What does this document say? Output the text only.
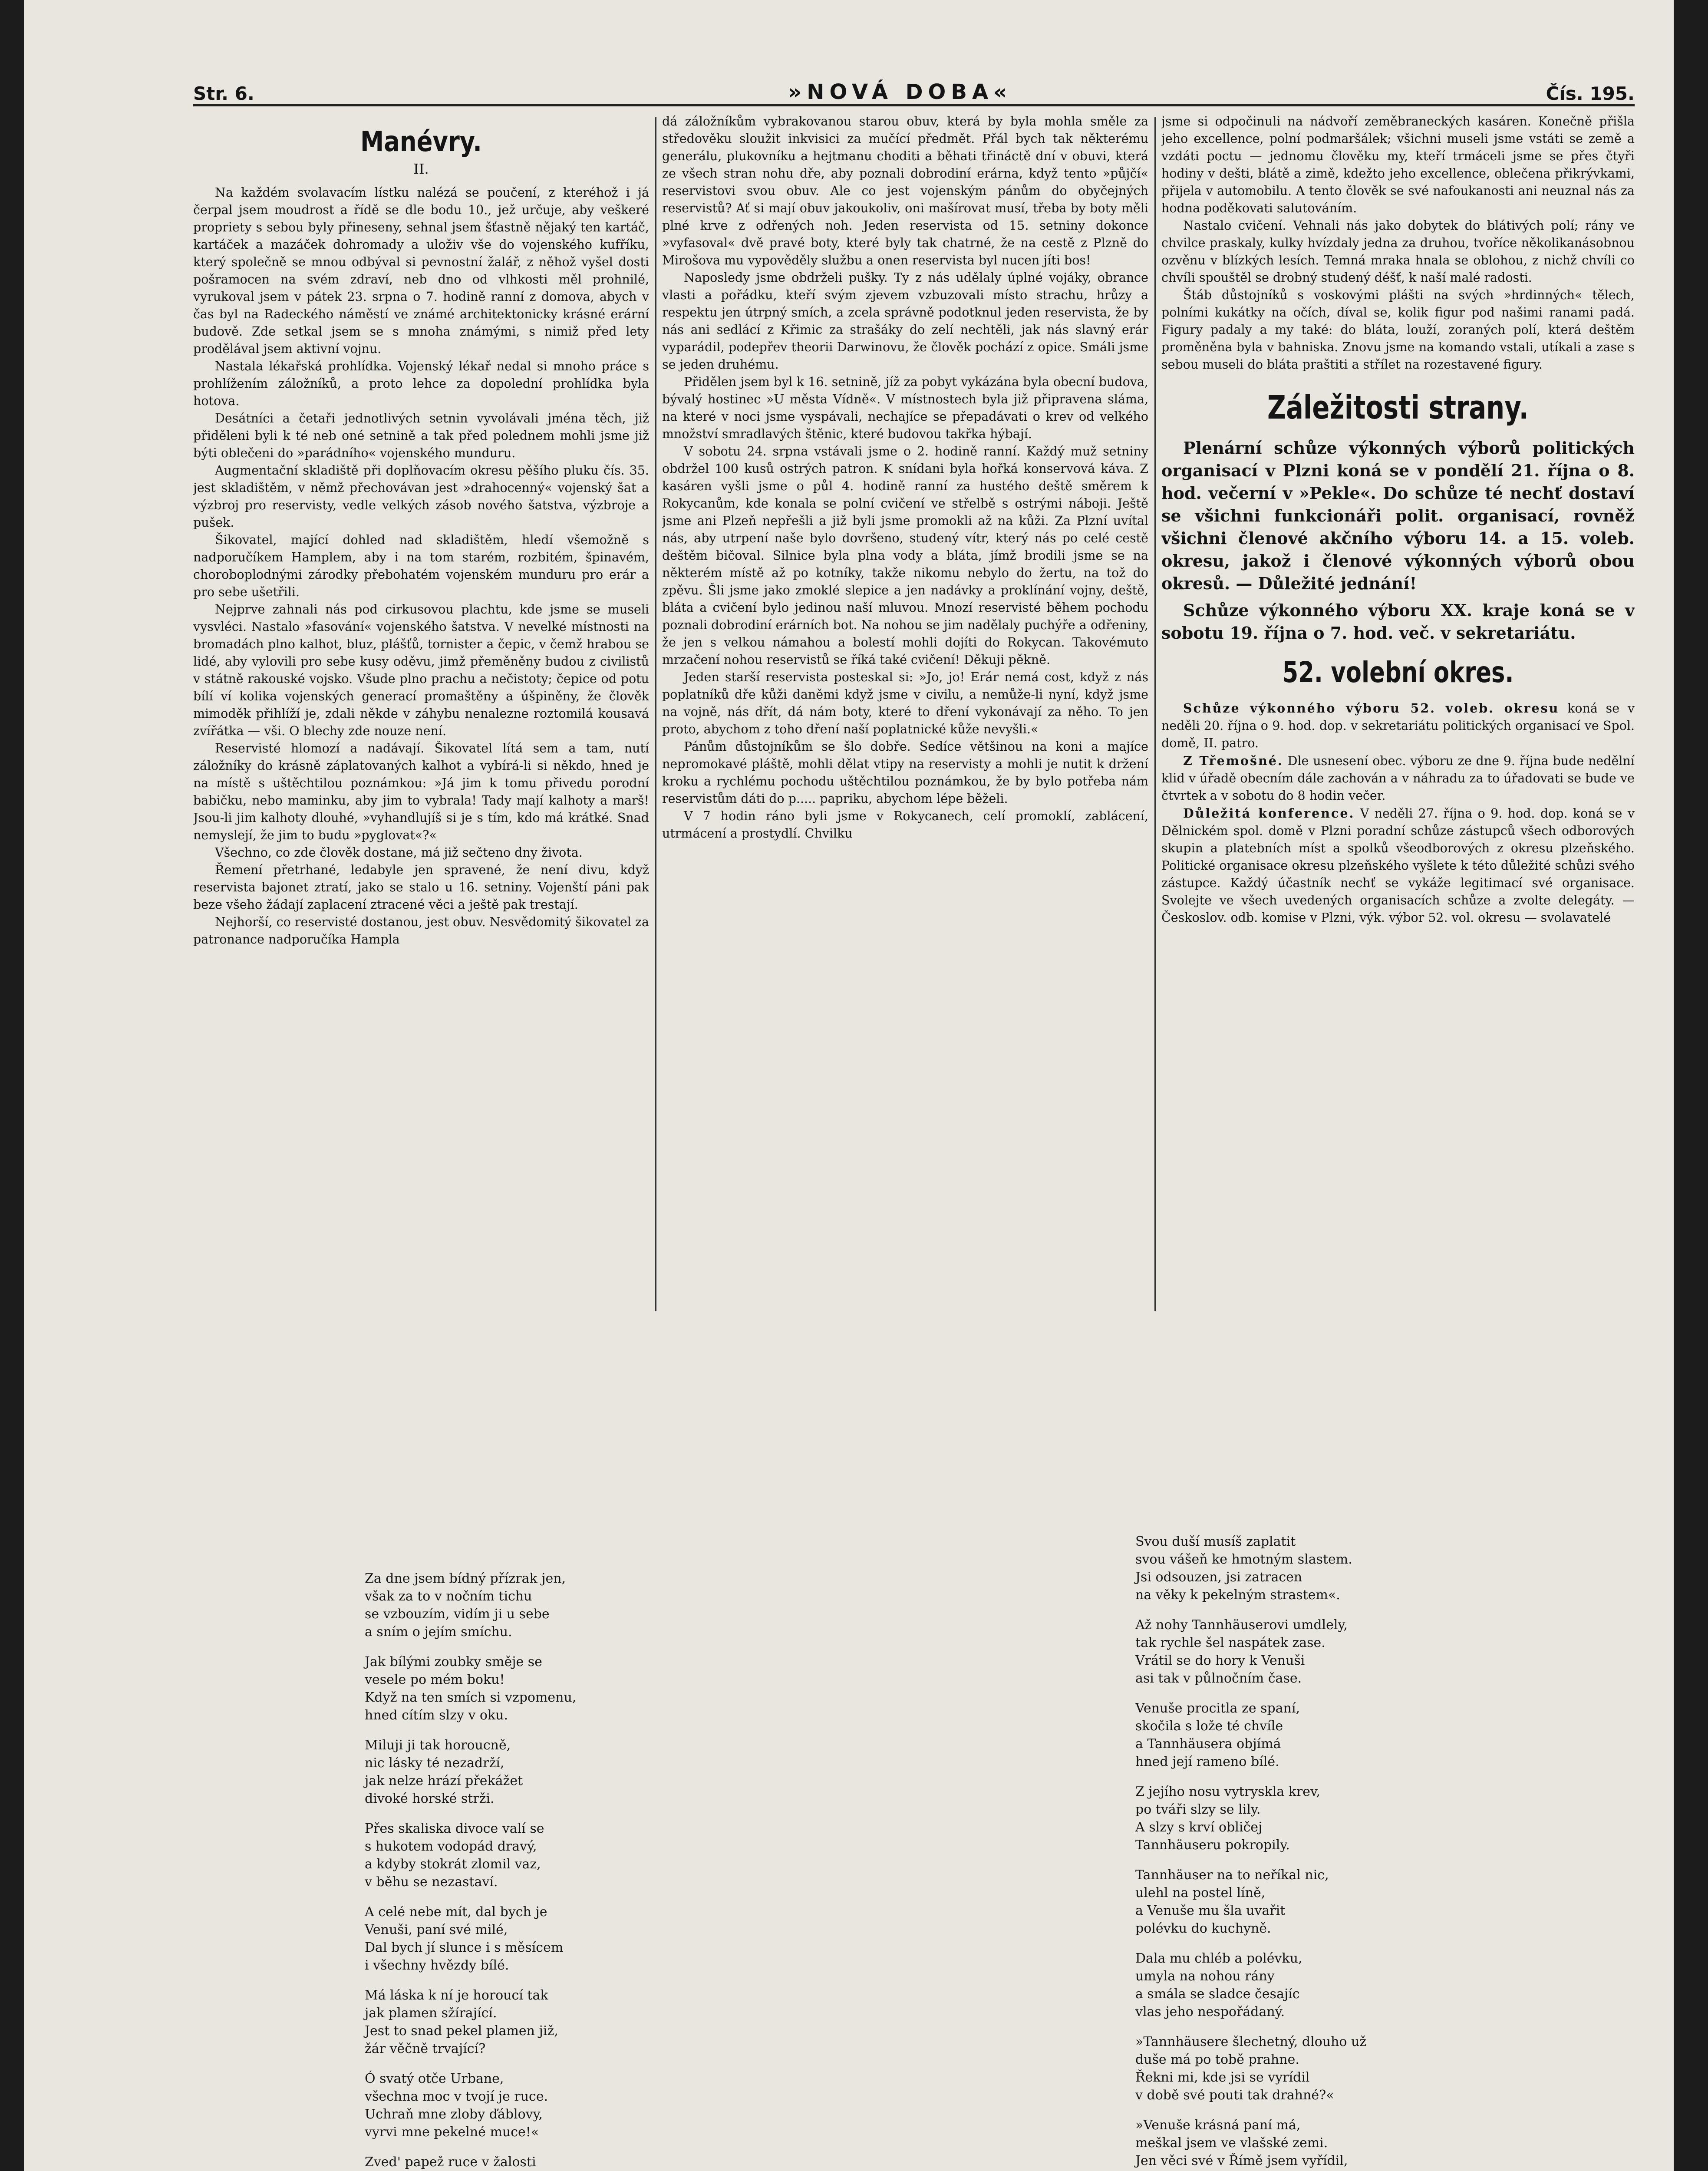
Str. 6.	»NOVÁ DOBA«	Čís. 195.
Manévry.
II.

Na každém svolavacím lístku nalézá se poučení, z kteréhož i já čerpal jsem moudrost a řídě se dle bodu 10., jež určuje, aby veškeré propriety s sebou byly přineseny, sehnal jsem šťastně nějaký ten kartáč, kartáček a mazáček dohromady a uloživ vše do vojenského kufříku, který společně se mnou odbýval si pevnostní žalář, z něhož vyšel dosti pošramocen na svém zdraví, neb dno od vlhkosti měl prohnilé, vyrukoval jsem v pátek 23. srpna o 7. hodině ranní z domova, abych v čas byl na Radeckého náměstí ve známé architektonicky krásné erární budově. Zde setkal jsem se s mnoha známými, s nimiž před lety prodělával jsem aktivní vojnu.

Nastala lékařská prohlídka. Vojenský lékař nedal si mnoho práce s prohlížením záložníků, a proto lehce za dopolední prohlídka byla hotova.

Desátníci a četaři jednotlivých setnin vyvolávali jména těch, již přiděleni byli k té neb oné setnině a tak před polednem mohli jsme již býti oblečeni do »parádního« vojenského munduru.

Augmentační skladiště při doplňovacím okresu pěšího pluku čís. 35. jest skladištěm, v němž přechovávan jest »drahocenný« vojenský šat a výzbroj pro reservisty, vedle velkých zásob nového šatstva, výzbroje a pušek.

Šikovatel, mající dohled nad skladištěm, hledí všemožně s nadporučíkem Hamplem, aby i na tom starém, rozbitém, špinavém, choroboplodnými zárodky přebohatém vojenském munduru pro erár a pro sebe ušetřili.

Nejprve zahnali nás pod cirkusovou plachtu, kde jsme se museli vysvléci. Nastalo »fasování« vojenského šatstva. V nevelké místnosti na bromadách plno kalhot, bluz, plášťů, tornister a čepic, v čemž hrabou se lidé, aby vylovili pro sebe kusy oděvu, jimž přeměněny budou z civilistů v státně rakouské vojsko. Všude plno prachu a nečistoty; čepice od potu bílí ví kolika vojenských generací promaštěny a úšpiněny, že člověk mimoděk přihlíží je, zdali někde v záhybu nenalezne roztomilá kousavá zvířátka — vši. O blechy zde nouze není.

Reservisté hlomozí a nadávají. Šikovatel lítá sem a tam, nutí záložníky do krásně záplatovaných kalhot a vybírá-li si někdo, hned je na místě s uštěchtilou poznámkou: »Já jim k tomu přivedu porodní babičku, nebo maminku, aby jim to vybrala! Tady mají kalhoty a marš! Jsou-li jim kalhoty dlouhé, »vyhandlujíš si je s tím, kdo má krátké. Snad nemyslejí, že jim to budu »pyglovat«?«

Všechno, co zde člověk dostane, má již sečteno dny života.

Řemení přetrhané, ledabyle jen spravené, že není divu, když reservista bajonet ztratí, jako se stalo u 16. setniny. Vojenští páni pak beze všeho žádají zaplacení ztracené věci a ještě pak trestají.

Nejhorší, co reservisté dostanou, jest obuv. Nesvědomitý šikovatel za patronance nadporučíka Hampla

dá záložníkům vybrakovanou starou obuv, která by byla mohla směle za středověku sloužit inkvisici za mučící předmět. Přál bych tak některému generálu, plukovníku a hejtmanu choditi a běhati třináctě dní v obuvi, která ze všech stran nohu dře, aby poznali dobrodiní erárna, když tento »půjčí« reservistovi svou obuv. Ale co jest vojenským pánům do obyčejných reservistů? Ať si mají obuv jakoukoliv, oni mašírovat musí, třeba by boty měli plné krve z odřených noh. Jeden reservista od 15. setniny dokonce »vyfasoval« dvě pravé boty, které byly tak chatrné, že na cestě z Plzně do Mirošova mu vypověděly službu a onen reservista byl nucen jíti bos!

Naposledy jsme obdrželi pušky. Ty z nás udělaly úplné vojáky, obrance vlasti a pořádku, kteří svým zjevem vzbuzovali místo strachu, hrůzy a respektu jen útrpný smích, a zcela správně podotknul jeden reservista, že by nás ani sedlácí z Křimic za strašáky do zelí nechtěli, jak nás slavný erár vyparádil, podepřev theorii Darwinovu, že člověk pochází z opice. Smáli jsme se jeden druhému.

Přidělen jsem byl k 16. setnině, jíž za pobyt vykázána byla obecní budova, bývalý hostinec »U města Vídně«. V místnostech byla již připravena sláma, na které v noci jsme vyspávali, nechajíce se přepadávati o krev od velkého množství smradlavých štěnic, které budovou takřka hýbají.

V sobotu 24. srpna vstávali jsme o 2. hodině ranní. Každý muž setniny obdržel 100 kusů ostrých patron. K snídani byla hořká konservová káva. Z kasáren vyšli jsme o půl 4. hodině ranní za hustého deště směrem k Rokycanům, kde konala se polní cvičení ve střelbě s ostrými náboji. Ještě jsme ani Plzeň nepřešli a již byli jsme promokli až na kůži. Za Plzní uvítal nás, aby utrpení naše bylo dovršeno, studený vítr, který nás po celé cestě deštěm bičoval. Silnice byla plna vody a bláta, jímž brodili jsme se na některém místě až po kotníky, takže nikomu nebylo do žertu, na tož do zpěvu. Šli jsme jako zmoklé slepice a jen nadávky a proklínání vojny, deště, bláta a cvičení bylo jedinou naší mluvou. Mnozí reservisté během pochodu poznali dobrodiní erárních bot. Na nohou se jim nadělaly puchýře a odřeniny, že jen s velkou námahou a bolestí mohli dojíti do Rokycan. Takovémuto mrzačení nohou reservistů se říká také cvičení! Děkuji pěkně.

Jeden starší reservista posteskal si: »Jo, jo! Erár nemá cost, když z nás poplatníků dře kůži daněmi když jsme v civilu, a nemůže-li nyní, když jsme na vojně, nás dřít, dá nám boty, které to dření vykonávají za něho. To jen proto, abychom z toho dření naší poplatnické kůže nevyšli.«

Pánům důstojníkům se šlo dobře. Sedíce většinou na koni a majíce nepromokavé pláště, mohli dělat vtipy na reservisty a mohli je nutit k držení kroku a rychlému pochodu uštěchtilou poznámkou, že by bylo potřeba nám reservistům dáti do p..... papriku, abychom lépe běželi.

V 7 hodin ráno byli jsme v Rokycanech, celí promoklí, zablácení, utrmácení a prostydlí. Chvilku

jsme si odpočinuli na nádvoří zeměbraneckých kasáren. Konečně přišla jeho excellence, polní podmaršálek; všichni museli jsme vstáti se země a vzdáti poctu — jednomu člověku my, kteří trmáceli jsme se přes čtyři hodiny v dešti, blátě a zimě, kdežto jeho excellence, oblečena přikrývkami, přijela v automobilu. A tento člověk se své nafoukanosti ani neuznal nás za hodna poděkovati salutováním.

Nastalo cvičení. Vehnali nás jako dobytek do blátivých polí; rány ve chvilce praskaly, kulky hvízdaly jedna za druhou, tvoříce několikanásobnou ozvěnu v blízkých lesích. Temná mraka hnala se oblohou, z nichž chvíli co chvíli spouštěl se drobný studený déšť, k naší malé radosti.

Štáb důstojníků s voskovými plášti na svých »hrdinných« tělech, polními kukátky na očích, díval se, kolik figur pod našimi ranami padá. Figury padaly a my také: do bláta, louží, zoraných polí, která deštěm proměněna byla v bahniska. Znovu jsme na komando vstali, utíkali a zase s sebou museli do bláta praštiti a střílet na rozestavené figury.

Záležitosti strany.

Plenární schůze výkonných výborů politických organisací v Plzni koná se v pondělí 21. října o 8. hod. večerní v »Pekle«. Do schůze té nechť dostaví se všichni funkcionáři polit. organisací, rovněž všichni členové akčního výboru 14. a 15. voleb. okresu, jakož i členové výkonných výborů obou okresů. — Důležité jednání!

Schůze výkonného výboru XX. kraje koná se v sobotu 19. října o 7. hod. več. v sekretariátu.

52. volební okres.

Schůze výkonného výboru 52. voleb. okresu koná se v neděli 20. října o 9. hod. dop. v sekretariátu politických organisací ve Spol. domě, II. patro.

Z Třemošné. Dle usnesení obec. výboru ze dne 9. října bude nedělní klid v úřadě obecním dále zachován a v náhradu za to úřadovati se bude ve čtvrtek a v sobotu do 8 hodin večer.

Důležitá konference. V neděli 27. října o 9. hod. dop. koná se v Dělnickém spol. domě v Plzni poradní schůze zástupců všech odborových skupin a platebních míst a spolků všeodborových z okresu plzeňského. Politické organisace okresu plzeňského vyšlete k této důležité schůzi svého zástupce. Každý účastník nechť se vykáže legitimací své organisace. Svolejte ve všech uvedených organisacích schůze a zvolte delegáty. — Českoslov. odb. komise v Plzni, výk. výbor 52. vol. okresu — svolavatelé

Za dne jsem bídný přízrak jen,
však za to v nočním tichu
se vzbouzím, vidím ji u sebe
a sním o jejím smíchu.
Jak bílými zoubky směje se
vesele po mém boku!
Když na ten smích si vzpomenu,
hned cítím slzy v oku.
Miluji ji tak horoucně,
nic lásky té nezadrží,
jak nelze hrází překážet
divoké horské strži.
Přes skaliska divoce valí se
s hukotem vodopád dravý,
a kdyby stokrát zlomil vaz,
v běhu se nezastaví.
A celé nebe mít, dal bych je
Venuši, paní své milé,
Dal bych jí slunce i s měsícem
i všechny hvězdy bílé.
Má láska k ní je horoucí tak
jak plamen sžírající.
Jest to snad pekel plamen již,
žár věčně trvající?
Ó svatý otče Urbane,
všechna moc v tvojí je ruce.
Uchraň mne zloby ďáblovy,
vyrvi mne pekelné muce!«
Zved' papež ruce v žalosti
Svou duší musíš zaplatit
svou vášeň ke hmotným slastem.
Jsi odsouzen, jsi zatracen
na věky k pekelným strastem«.
Až nohy Tannhäuserovi umdlely,
tak rychle šel naspátek zase.
Vrátil se do hory k Venuši
asi tak v půlnočním čase.
Venuše procitla ze spaní,
skočila s lože té chvíle
a Tannhäusera objímá
hned její rameno bílé.
Z jejího nosu vytryskla krev,
po tváři slzy se lily.
A slzy s krví obličej
Tannhäuseru pokropily.
Tannhäuser na to neříkal nic,
ulehl na postel líně,
a Venuše mu šla uvařit
polévku do kuchyně.
Dala mu chléb a polévku,
umyla na nohou rány
a smála se sladce česajíc
vlas jeho nespořádaný.
»Tannhäusere šlechetný, dlouho už
duše má po tobě prahne.
Řekni mi, kde jsi se vyrídil
v době své pouti tak drahné?«
»Venuše krásná paní má,
meškal jsem ve vlašské zemi.
Jen věci své v Římě jsem vyřídil,
